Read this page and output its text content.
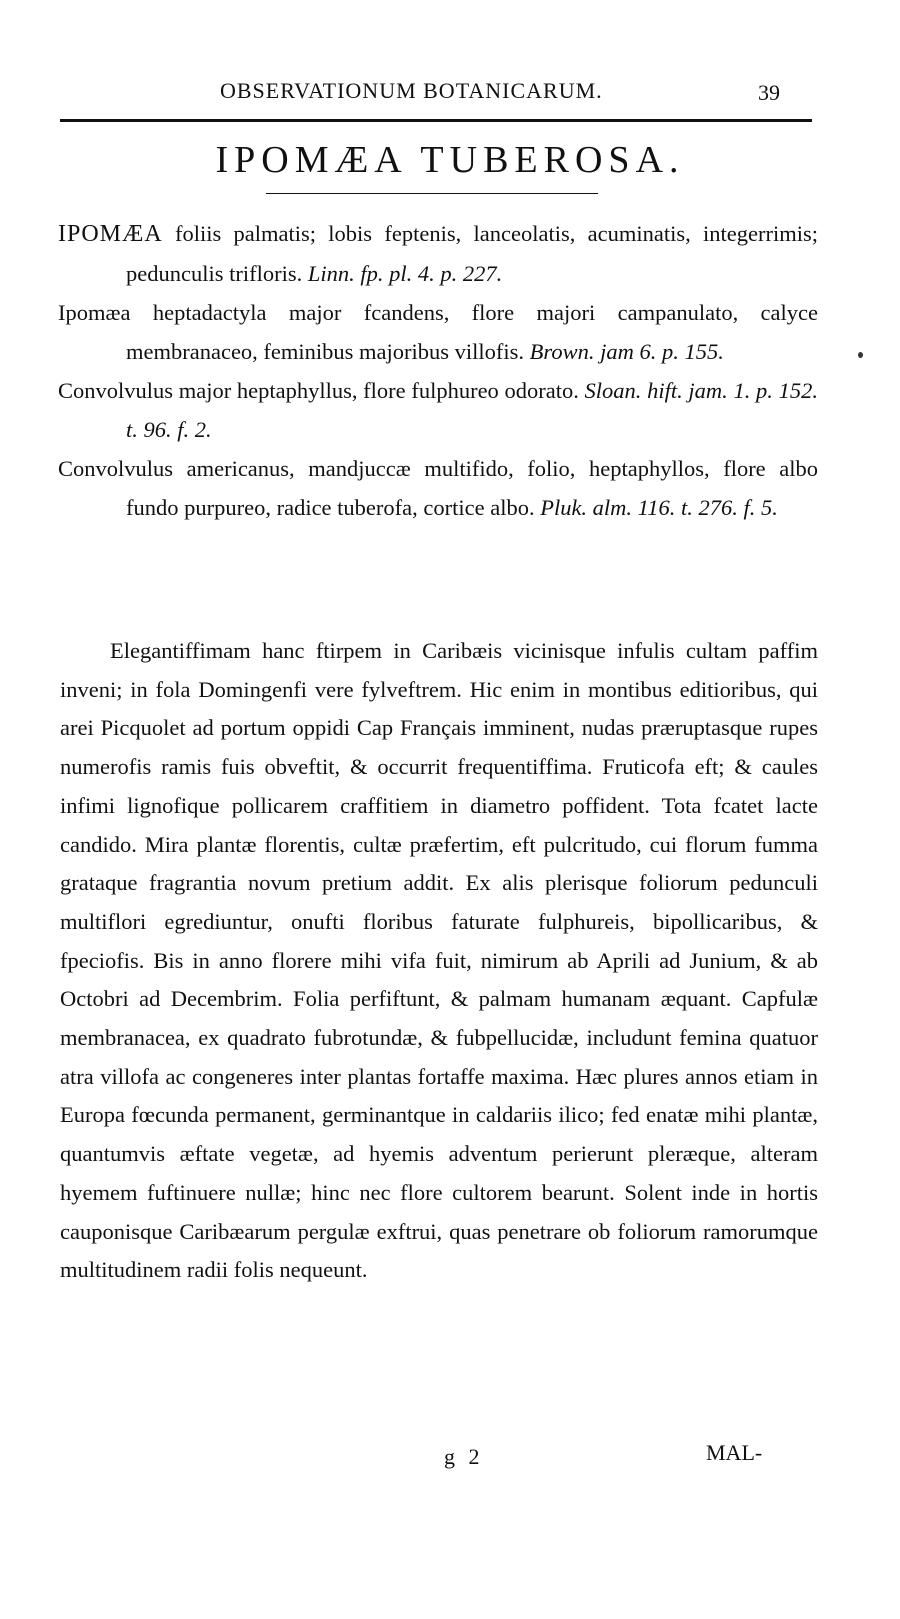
OBSERVATIONUM BOTANICARUM.	39
IPOMÆA TUBEROSA.

IPOMÆA foliis palmatis; lobis feptenis, lanceolatis, acuminatis, integerrimis; pedunculis trifloris. Linn. fp. pl. 4. p. 227.

Ipomæa heptadactyla major fcandens, flore majori campanulato, calyce membranaceo, feminibus majoribus villofis. Brown. jam 6. p. 155.

Convolvulus major heptaphyllus, flore fulphureo odorato. Sloan. hift. jam. 1. p. 152. t. 96. f. 2.

Convolvulus americanus, mandjuccæ multifido, folio, heptaphyllos, flore albo fundo purpureo, radice tuberofa, cortice albo. Pluk. alm. 116. t. 276. f. 5.

Elegantiffimam hanc ftirpem in Caribæis vicinisque infulis cultam paffim inveni; in fola Domingenfi vere fylveftrem. Hic enim in montibus editioribus, qui arei Picquolet ad portum oppidi Cap Français imminent, nudas præruptasque rupes numerofis ramis fuis obveftit, & occurrit frequentiffima. Fruticofa eft; & caules infimi lignofique pollicarem craffitiem in diametro poffident. Tota fcatet lacte candido. Mira plantæ florentis, cultæ præfertim, eft pulcritudo, cui florum fumma grataque fragrantia novum pretium addit. Ex alis plerisque foliorum pedunculi multiflori egrediuntur, onufti floribus faturate fulphureis, bipollicaribus, & fpeciofis. Bis in anno florere mihi vifa fuit, nimirum ab Aprili ad Junium, & ab Octobri ad Decembrim. Folia perfiftunt, & palmam humanam æquant. Capfulæ membranacea, ex quadrato fubrotundæ, & fubpellucidæ, includunt femina quatuor atra villofa ac congeneres inter plantas fortaffe maxima. Hæc plures annos etiam in Europa fœcunda permanent, germinantque in caldariis ilico; fed enatæ mihi plantæ, quantumvis æftate vegetæ, ad hyemis adventum perierunt pleræque, alteram hyemem fuftinuere nullæ; hinc nec flore cultorem bearunt. Solent inde in hortis cauponisque Caribæarum pergulæ exftrui, quas penetrare ob foliorum ramorumque multitudinem radii folis nequeunt.

g 2	MAL-
